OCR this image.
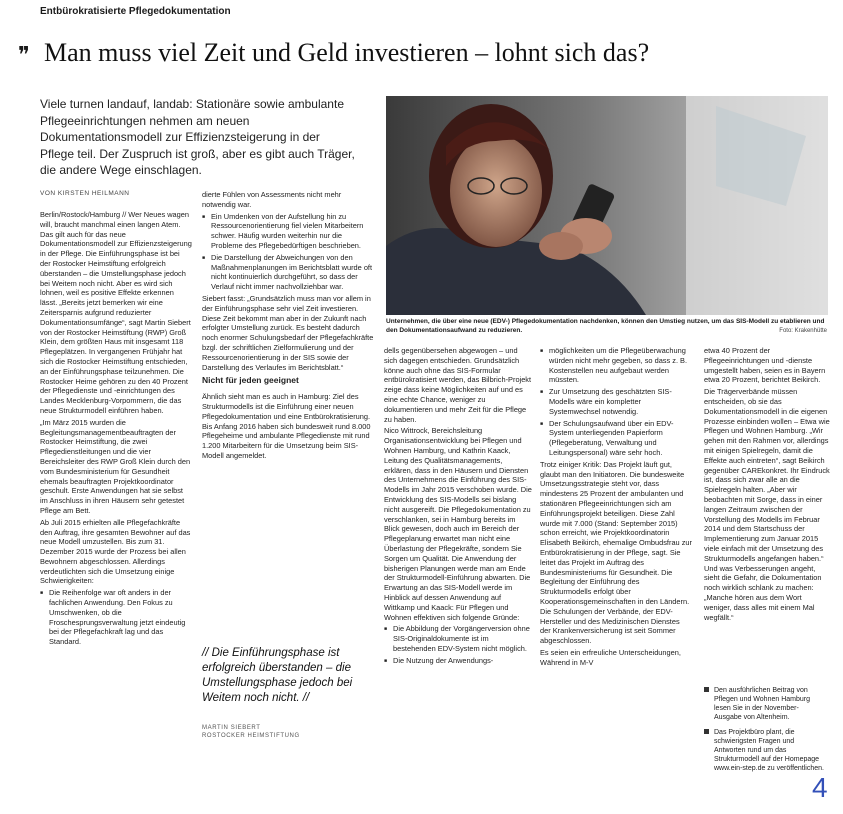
Entbürokratisierte Pflegedokumentation
❞ Man muss viel Zeit und Geld investieren – lohnt sich das?

Viele turnen landauf, landab: Stationäre sowie ambulante Pflegeeinrichtungen nehmen am neuen Dokumentationsmodell zur Effizienzsteigerung in der Pflege teil. Der Zuspruch ist groß, aber es gibt auch Träger, die andere Wege einschlagen.

VON KIRSTEN HEILMANN

Unternehmen, die über eine neue (EDV-) Pflegedokumentation nachdenken, können den Umstieg nutzen, um das SIS-Modell zu etablieren und den Dokumentationsaufwand zu reduzieren.	Foto: Krakenhütte

Berlin/Rostock/Hamburg // Wer Neues wagen will, braucht manchmal einen langen Atem. Das gilt auch für das neue Dokumentationsmodell zur Effizienzsteigerung in der Pflege. Die Einführungsphase ist bei der Rostocker Heimstiftung erfolgreich überstanden – die Umstellungsphase jedoch bei Weitem noch nicht. Aber es wird sich lohnen, weil es positive Effekte erkennen lässt. „Bereits jetzt bemerken wir eine Zeitersparnis aufgrund reduzierter Dokumentationsumfänge“, sagt Martin Siebert von der Rostocker Heimstiftung (RWP) Groß Klein, dem größten Haus mit insgesamt 118 Pflegeplätzen. In vergangenen Frühjahr hat sich die Rostocker Heimstiftung entschieden, an der Einführungsphase teilzunehmen. Die Rostocker Heime gehören zu den 40 Prozent der Pflegedienste und -einrichtungen des Landes Mecklenburg-Vorpommern, die das neue Strukturmodell einführen haben.

„Im März 2015 wurden die Begleitungsmanagementbeauftragten der Rostocker Heimstiftung, die zwei Pflegedienstleitungen und die vier Bereichsleiter des RWP Groß Klein durch den vom Bundesministerium für Gesundheit ehemals beauftragten Projektkoordinator geschult. Erste Anwendungen hat sie selbst im Anschluss in ihren Häusern sehr getestet Pflege am Bett.

Ab Juli 2015 erhielten alle Pflegefachkräfte den Auftrag, ihre gesamten Bewohner auf das neue Modell umzustellen. Bis zum 31. Dezember 2015 wurde der Prozess bei allen Bewohnern abgeschlossen. Allerdings verdeutlichten sich die Umsetzung einige Schwierigkeiten:

■ Die Reihenfolge war oft anders in der fachlichen Anwendung. Den Fokus zu Umschwenken, ob die Froschesprungsverwaltung jetzt eindeutig bei der Pflegefachkraft lag und das Standard.

dierte Fühlen von Assessments nicht mehr notwendig war.

■ Ein Umdenken von der Aufstellung hin zu Ressourcenorientierung fiel vielen Mitarbeitern schwer. Häufig wurden weiterhin nur die Probleme des Pflegebedürftigen beschrieben.
■ Die Darstellung der Abweichungen von den Maßnahmenplanungen im Berichtsblatt wurde oft nicht kontinuierlich durchgeführt, so dass der Verlauf nicht immer nachvollziehbar war.

Siebert fasst: „Grundsätzlich muss man vor allem in der Einführungsphase sehr viel Zeit investieren. Diese Zeit bekommt man aber in der Zukunft nach erfolgter Umstellung zurück. Es besteht dadurch noch enormer Schulungsbedarf der Pflegefachkräfte bzgl. der schriftlichen Zielformulierung und der Ressourcenorientierung in der SIS sowie der Darstellung des Verlaufes im Berichtsblatt.“

Nicht für jeden geeignet

Ähnlich sieht man es auch in Hamburg: Ziel des Strukturmodells ist die Einführung einer neuen Pflegedokumentation und eine Entbürokratisierung. Bis Anfang 2016 haben sich bundesweit rund 8.000 Pflegeheime und ambulante Pflegedienste mit rund 1.200 Mitarbeitern für die Umsetzung beim SIS-Modell angemeldet.

// Die Einführungsphase ist erfolgreich überstanden – die Umstellungsphase jedoch bei Weitem noch nicht. //

MARTIN SIEBERT
ROSTOCKER HEIMSTIFTUNG

dells gegenübersehen abgewogen – und sich dagegen entschieden. Grundsätzlich könne auch ohne das SIS-Formular entbürokratisiert werden, das Bilbrich-Projekt zeige dass keine Möglichkeiten auf und es eine echte Chance, weniger zu dokumentieren und mehr Zeit für die Pflege zu haben.

Nico Wittrock, Bereichsleitung Organisationsentwicklung bei Pflegen und Wohnen Hamburg, und Kathrin Kaack, Leitung des Qualitätsmanagements, erklären, dass in den Häusern und Diensten des Unternehmens die Einführung des SIS-Modells im Jahr 2015 verschoben wurde. Die Entwicklung des SIS-Modells sei bislang nicht ausgereift. Die Pflegedokumentation zu verschlanken, sei in Hamburg bereits im Blick gewesen, doch auch im Bereich der Pflegeplanung erwartet man nicht eine Überlastung der Pflegekräfte, sondern Sie Sorgen um Qualität. Die Anwendung der bisherigen Planungen werde man am Ende der Strukturmodell-Einführung abwarten. Die Erwartung an das SIS-Modell werde im Hinblick auf dessen Anwendung auf Wittkamp und Kaack: Für Pflegen und Wohnen effektiven sich folgende Gründe:

■ Die Abbildung der Vorgängerversion ohne SIS-Originaldokumente ist im bestehenden EDV-System nicht möglich.
■ Die Nutzung der Anwendungs-
■ möglichkeiten um die Pflegeüberwachung würden nicht mehr gegeben, so dass z. B. Kostenstellen neu aufgebaut werden müssten.
■ Zur Umsetzung des geschätzten SIS-Modells wäre ein kompletter Systemwechsel notwendig.
■ Der Schulungsaufwand über ein EDV-System unterliegenden Papierform (Pflegeberatung, Verwaltung und Leitungspersonal) wäre sehr hoch.

Trotz einiger Kritik: Das Projekt läuft gut, glaubt man den Initiatoren. Die bundesweite Umsetzungsstrategie steht vor, dass mindestens 25 Prozent der ambulanten und stationären Pflegeeinrichtungen sich am Einführungsprojekt beteiligen. Diese Zahl wurde mit 7.000 (Stand: September 2015) schon erreicht, wie Projektkoordinatorin Elisabeth Beikirch, ehemalige Ombudsfrau zur Entbürokratisierung in der Pflege, sagt. Sie leitet das Projekt im Auftrag des Bundesministeriums für Gesundheit. Die Begleitung der Einführung des Strukturmodells erfolgt über Kooperationsgemeinschaften in den Ländern. Die Schulungen der Verbände, der EDV-Hersteller und des Medizinischen Dienstes der Krankenversicherung ist seit Sommer abgeschlossen.

Es seien ein erfreuliche Unterscheidungen, Während in M-V

etwa 40 Prozent der Pflegeeinrichtungen und -dienste umgestellt haben, seien es in Bayern etwa 20 Prozent, berichtet Beikirch.

Die Trägerverbände müssen entscheiden, ob sie das Dokumentationsmodell in die eigenen Prozesse einbinden wollen – Etwa wie Pflegen und Wohnen Hamburg. „Wir gehen mit den Rahmen vor, allerdings mit einigen Spielregeln, damit die Effekte auch eintreten“, sagt Beikirch gegenüber CAREkonkret. Ihr Eindruck ist, dass sich zwar alle an die Spielregeln halten. „Aber wir beobachten mit Sorge, dass in einer langen Zeitraum zwischen der Vorstellung des Modells im Februar 2014 und dem Startschuss der Implementierung zum Januar 2015 viele einfach mit der Umsetzung des Strukturmodells angefangen haben.“ Und was Verbesserungen angeht, sieht die Gefahr, die Dokumentation noch wirklich schlank zu machen: „Manche hören aus dem Wort weniger, dass alles mit einem Mal wegfällt.“

Den ausführlichen Beitrag von Pflegen und Wohnen Hamburg lesen Sie in der November-Ausgabe von Altenheim.
Das Projektbüro plant, die schwierigsten Fragen und Antworten rund um das Strukturmodell auf der Homepage www.ein-step.de zu veröffentlichen.
4
